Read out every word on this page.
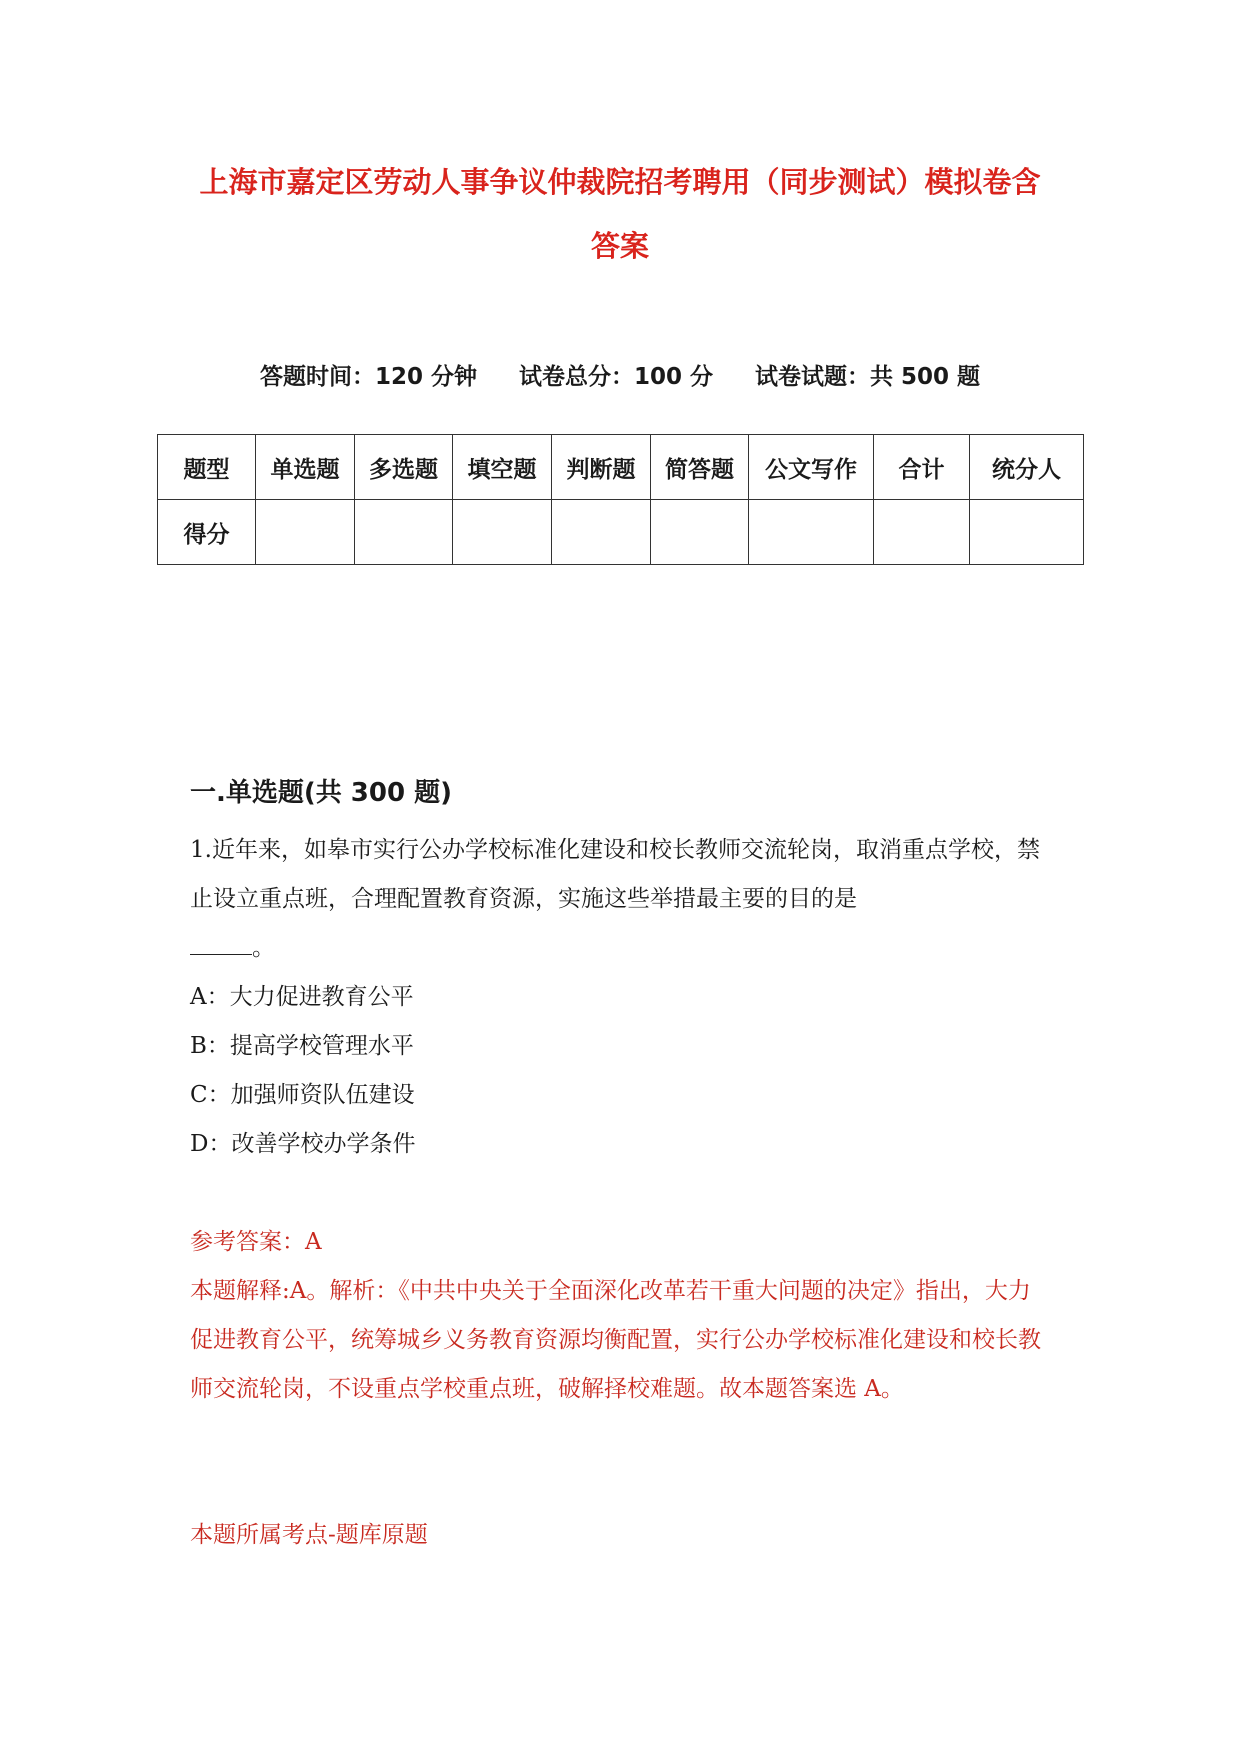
上海市嘉定区劳动人事争议仲裁院招考聘用（同步测试）模拟卷含
答案
答题时间：120 分钟 试卷总分：100 分 试卷试题：共 500 题
题型	单选题	多选题	填空题	判断题	简答题	公文写作	合计	统分人
得分								
一.单选题(共 300 题)
1.近年来，如皋市实行公办学校标准化建设和校长教师交流轮岗，取消重点学校，禁止设立重点班，合理配置教育资源，实施这些举措最主要的目的是
。
A：大力促进教育公平
B：提高学校管理水平
C：加强师资队伍建设
D：改善学校办学条件
参考答案：A
本题解释:A。解析：《中共中央关于全面深化改革若干重大问题的决定》指出，大力促进教育公平，统筹城乡义务教育资源均衡配置，实行公办学校标准化建设和校长教师交流轮岗，不设重点学校重点班，破解择校难题。故本题答案选 A。
本题所属考点-题库原题
